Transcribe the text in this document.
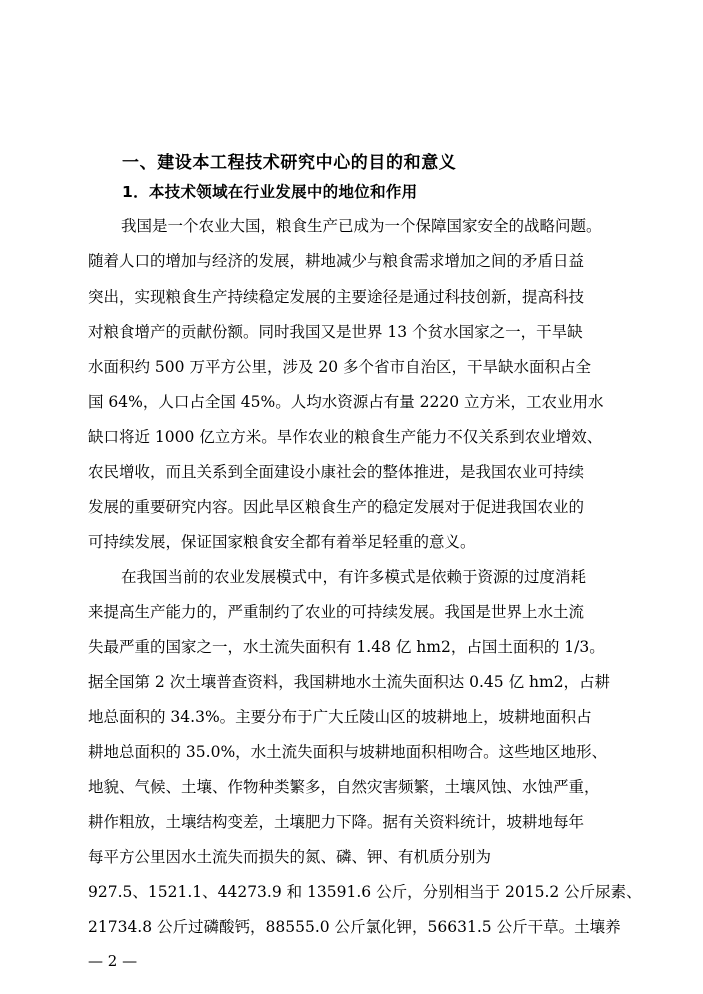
一、建设本工程技术研究中心的目的和意义
1．本技术领域在行业发展中的地位和作用
我国是一个农业大国，粮食生产已成为一个保障国家安全的战略问题。
随着人口的增加与经济的发展，耕地减少与粮食需求增加之间的矛盾日益
突出，实现粮食生产持续稳定发展的主要途径是通过科技创新，提高科技
对粮食增产的贡献份额。同时我国又是世界 13 个贫水国家之一，干旱缺
水面积约 500 万平方公里，涉及 20 多个省市自治区，干旱缺水面积占全
国 64%，人口占全国 45%。人均水资源占有量 2220 立方米，工农业用水
缺口将近 1000 亿立方米。旱作农业的粮食生产能力不仅关系到农业增效、
农民增收，而且关系到全面建设小康社会的整体推进，是我国农业可持续
发展的重要研究内容。因此旱区粮食生产的稳定发展对于促进我国农业的
可持续发展，保证国家粮食安全都有着举足轻重的意义。
在我国当前的农业发展模式中，有许多模式是依赖于资源的过度消耗
来提高生产能力的，严重制约了农业的可持续发展。我国是世界上水土流
失最严重的国家之一，水土流失面积有 1.48 亿 hm2，占国土面积的 1/3。
据全国第 2 次土壤普查资料，我国耕地水土流失面积达 0.45 亿 hm2，占耕
地总面积的 34.3%。主要分布于广大丘陵山区的坡耕地上，坡耕地面积占
耕地总面积的 35.0%，水土流失面积与坡耕地面积相吻合。这些地区地形、
地貌、气候、土壤、作物种类繁多，自然灾害频繁，土壤风蚀、水蚀严重，
耕作粗放，土壤结构变差，土壤肥力下降。据有关资料统计，坡耕地每年
每平方公里因水土流失而损失的氮、磷、钾、有机质分别为
927.5、1521.1、44273.9 和 13591.6 公斤，分别相当于 2015.2 公斤尿素、
21734.8 公斤过磷酸钙，88555.0 公斤氯化钾，56631.5 公斤干草。土壤养
— 2 —
